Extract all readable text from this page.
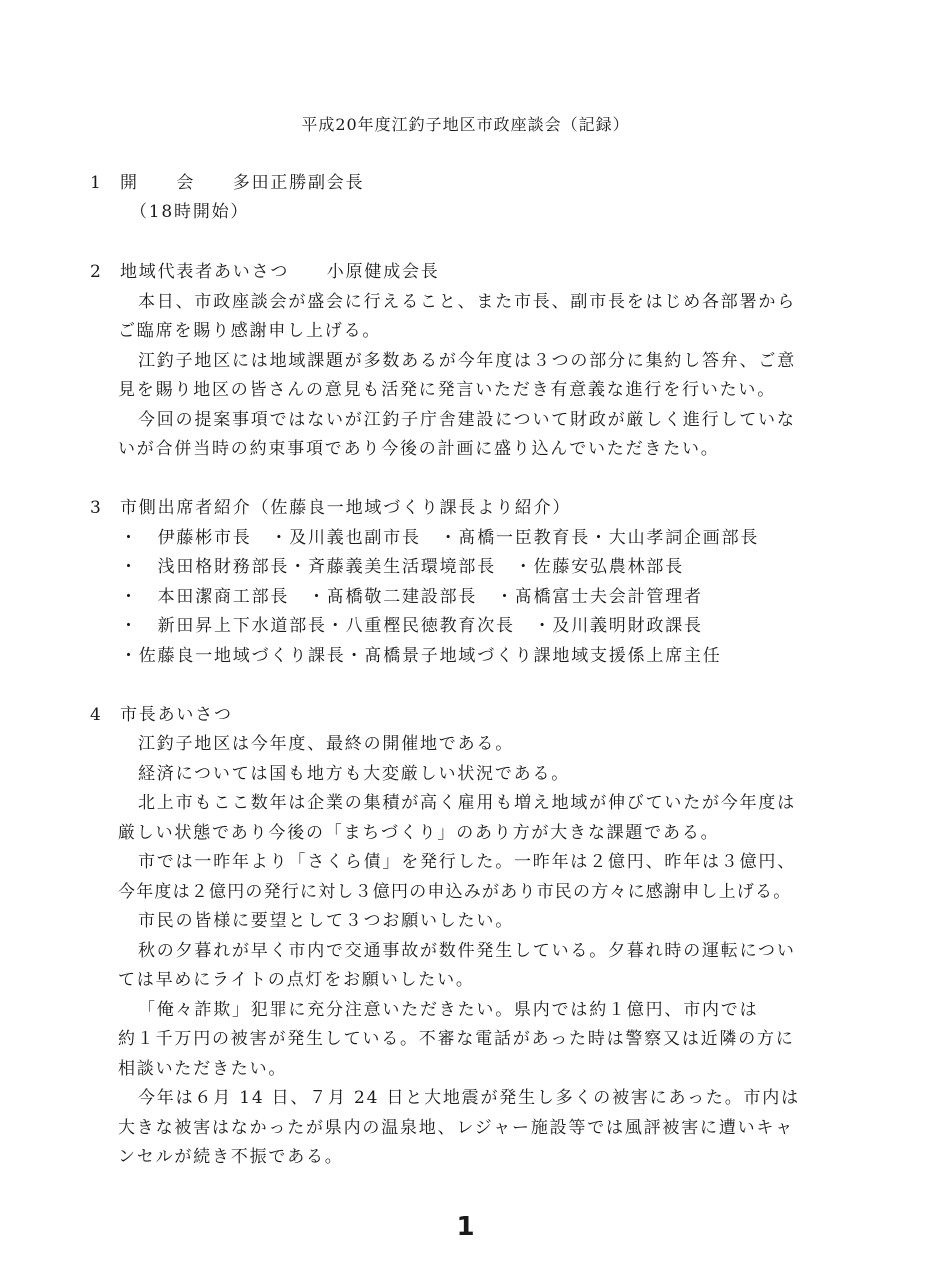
平成20年度江釣子地区市政座談会（記録）
1 開　　会　　多田正勝副会長
（18時開始）
2 地域代表者あいさつ　　小原健成会長
本日、市政座談会が盛会に行えること、また市長、副市長をはじめ各部署から
ご臨席を賜り感謝申し上げる。
江釣子地区には地域課題が多数あるが今年度は３つの部分に集約し答弁、ご意
見を賜り地区の皆さんの意見も活発に発言いただき有意義な進行を行いたい。
今回の提案事項ではないが江釣子庁舎建設について財政が厳しく進行していな
いが合併当時の約束事項であり今後の計画に盛り込んでいただきたい。
3 市側出席者紹介（佐藤良一地域づくり課長より紹介）
・　伊藤彬市長　・及川義也副市長　・髙橋一臣教育長・大山孝詞企画部長
・　浅田格財務部長・斉藤義美生活環境部長　・佐藤安弘農林部長
・　本田潔商工部長　・髙橋敬二建設部長　・髙橋富士夫会計管理者
・　新田昇上下水道部長・八重樫民徳教育次長　・及川義明財政課長
・佐藤良一地域づくり課長・髙橋景子地域づくり課地域支援係上席主任
4 市長あいさつ
江釣子地区は今年度、最終の開催地である。
経済については国も地方も大変厳しい状況である。
北上市もここ数年は企業の集積が高く雇用も増え地域が伸びていたが今年度は
厳しい状態であり今後の「まちづくり」のあり方が大きな課題である。
市では一昨年より「さくら債」を発行した。一昨年は２億円、昨年は３億円、
今年度は２億円の発行に対し３億円の申込みがあり市民の方々に感謝申し上げる。
市民の皆様に要望として３つお願いしたい。
秋の夕暮れが早く市内で交通事故が数件発生している。夕暮れ時の運転につい
ては早めにライトの点灯をお願いしたい。
「俺々詐欺」犯罪に充分注意いただきたい。県内では約１億円、市内では
約１千万円の被害が発生している。不審な電話があった時は警察又は近隣の方に
相談いただきたい。
今年は６月 14 日、７月 24 日と大地震が発生し多くの被害にあった。市内は
大きな被害はなかったが県内の温泉地、レジャー施設等では風評被害に遭いキャ
ンセルが続き不振である。
1
